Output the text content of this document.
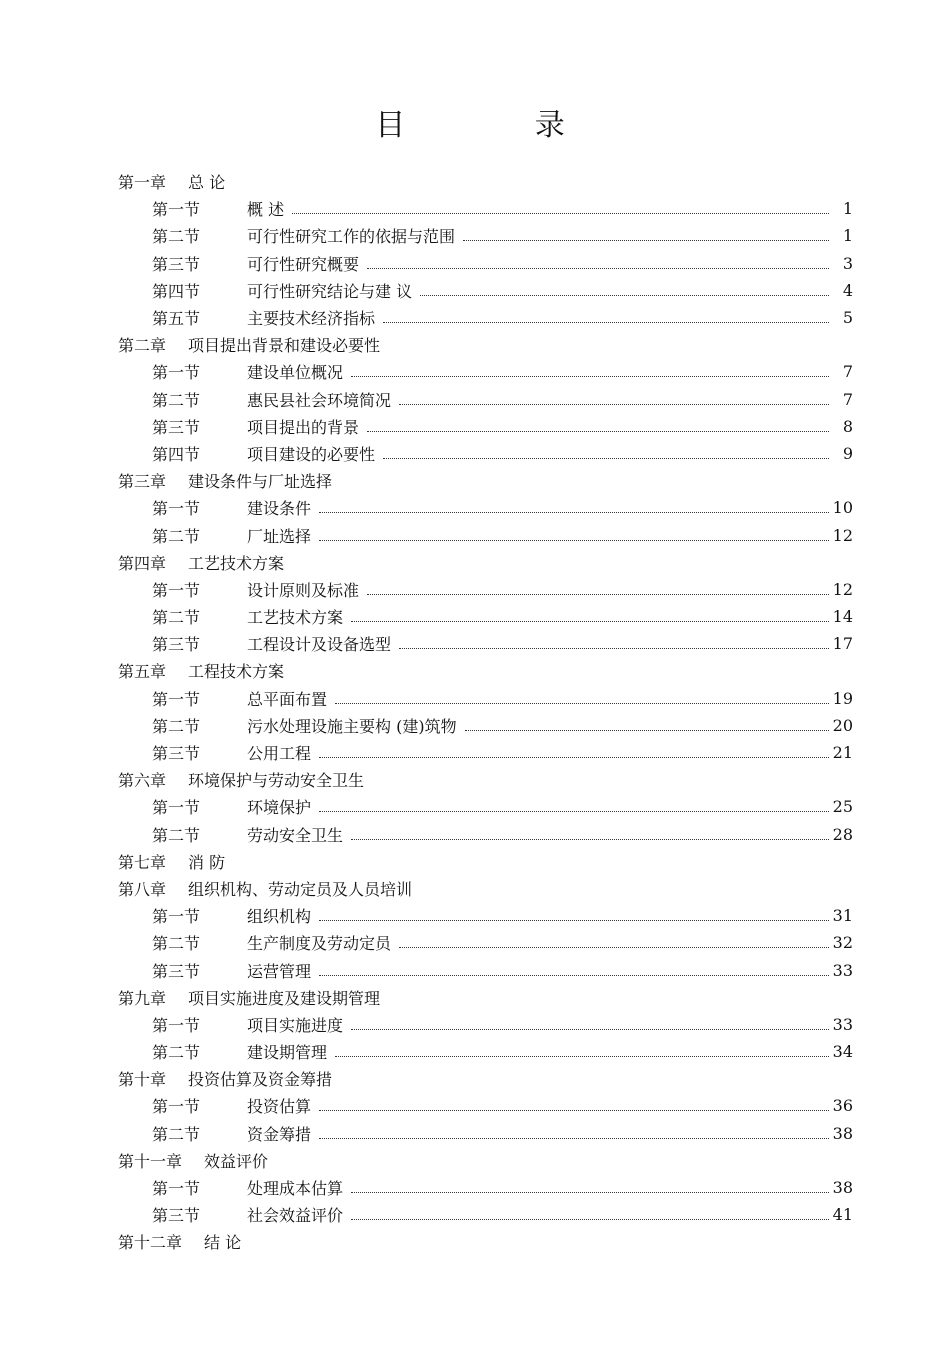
目 录
第一章 总 论
第一节	概 述	1
第二节	可行性研究工作的依据与范围	1
第三节	可行性研究概要	3
第四节	可行性研究结论与建 议	4
第五节	主要技术经济指标	5
第二章 项目提出背景和建设必要性
第一节	建设单位概况	7
第二节	惠民县社会环境简况	7
第三节	项目提出的背景	8
第四节	项目建设的必要性	9
第三章 建设条件与厂址选择
第一节	建设条件	10
第二节	厂址选择	12
第四章 工艺技术方案
第一节	设计原则及标准	12
第二节	工艺技术方案	14
第三节	工程设计及设备选型	17
第五章 工程技术方案
第一节	总平面布置	19
第二节	污水处理设施主要构 (建)筑物	20
第三节	公用工程	21
第六章 环境保护与劳动安全卫生
第一节	环境保护	25
第二节	劳动安全卫生	28
第七章 消 防
第八章 组织机构、劳动定员及人员培训
第一节	组织机构	31
第二节	生产制度及劳动定员	32
第三节	运营管理	33
第九章 项目实施进度及建设期管理
第一节	项目实施进度	33
第二节	建设期管理	34
第十章 投资估算及资金筹措
第一节	投资估算	36
第二节	资金筹措	38
第十一章 效益评价
第一节	处理成本估算	38
第三节	社会效益评价	41
第十二章 结 论
